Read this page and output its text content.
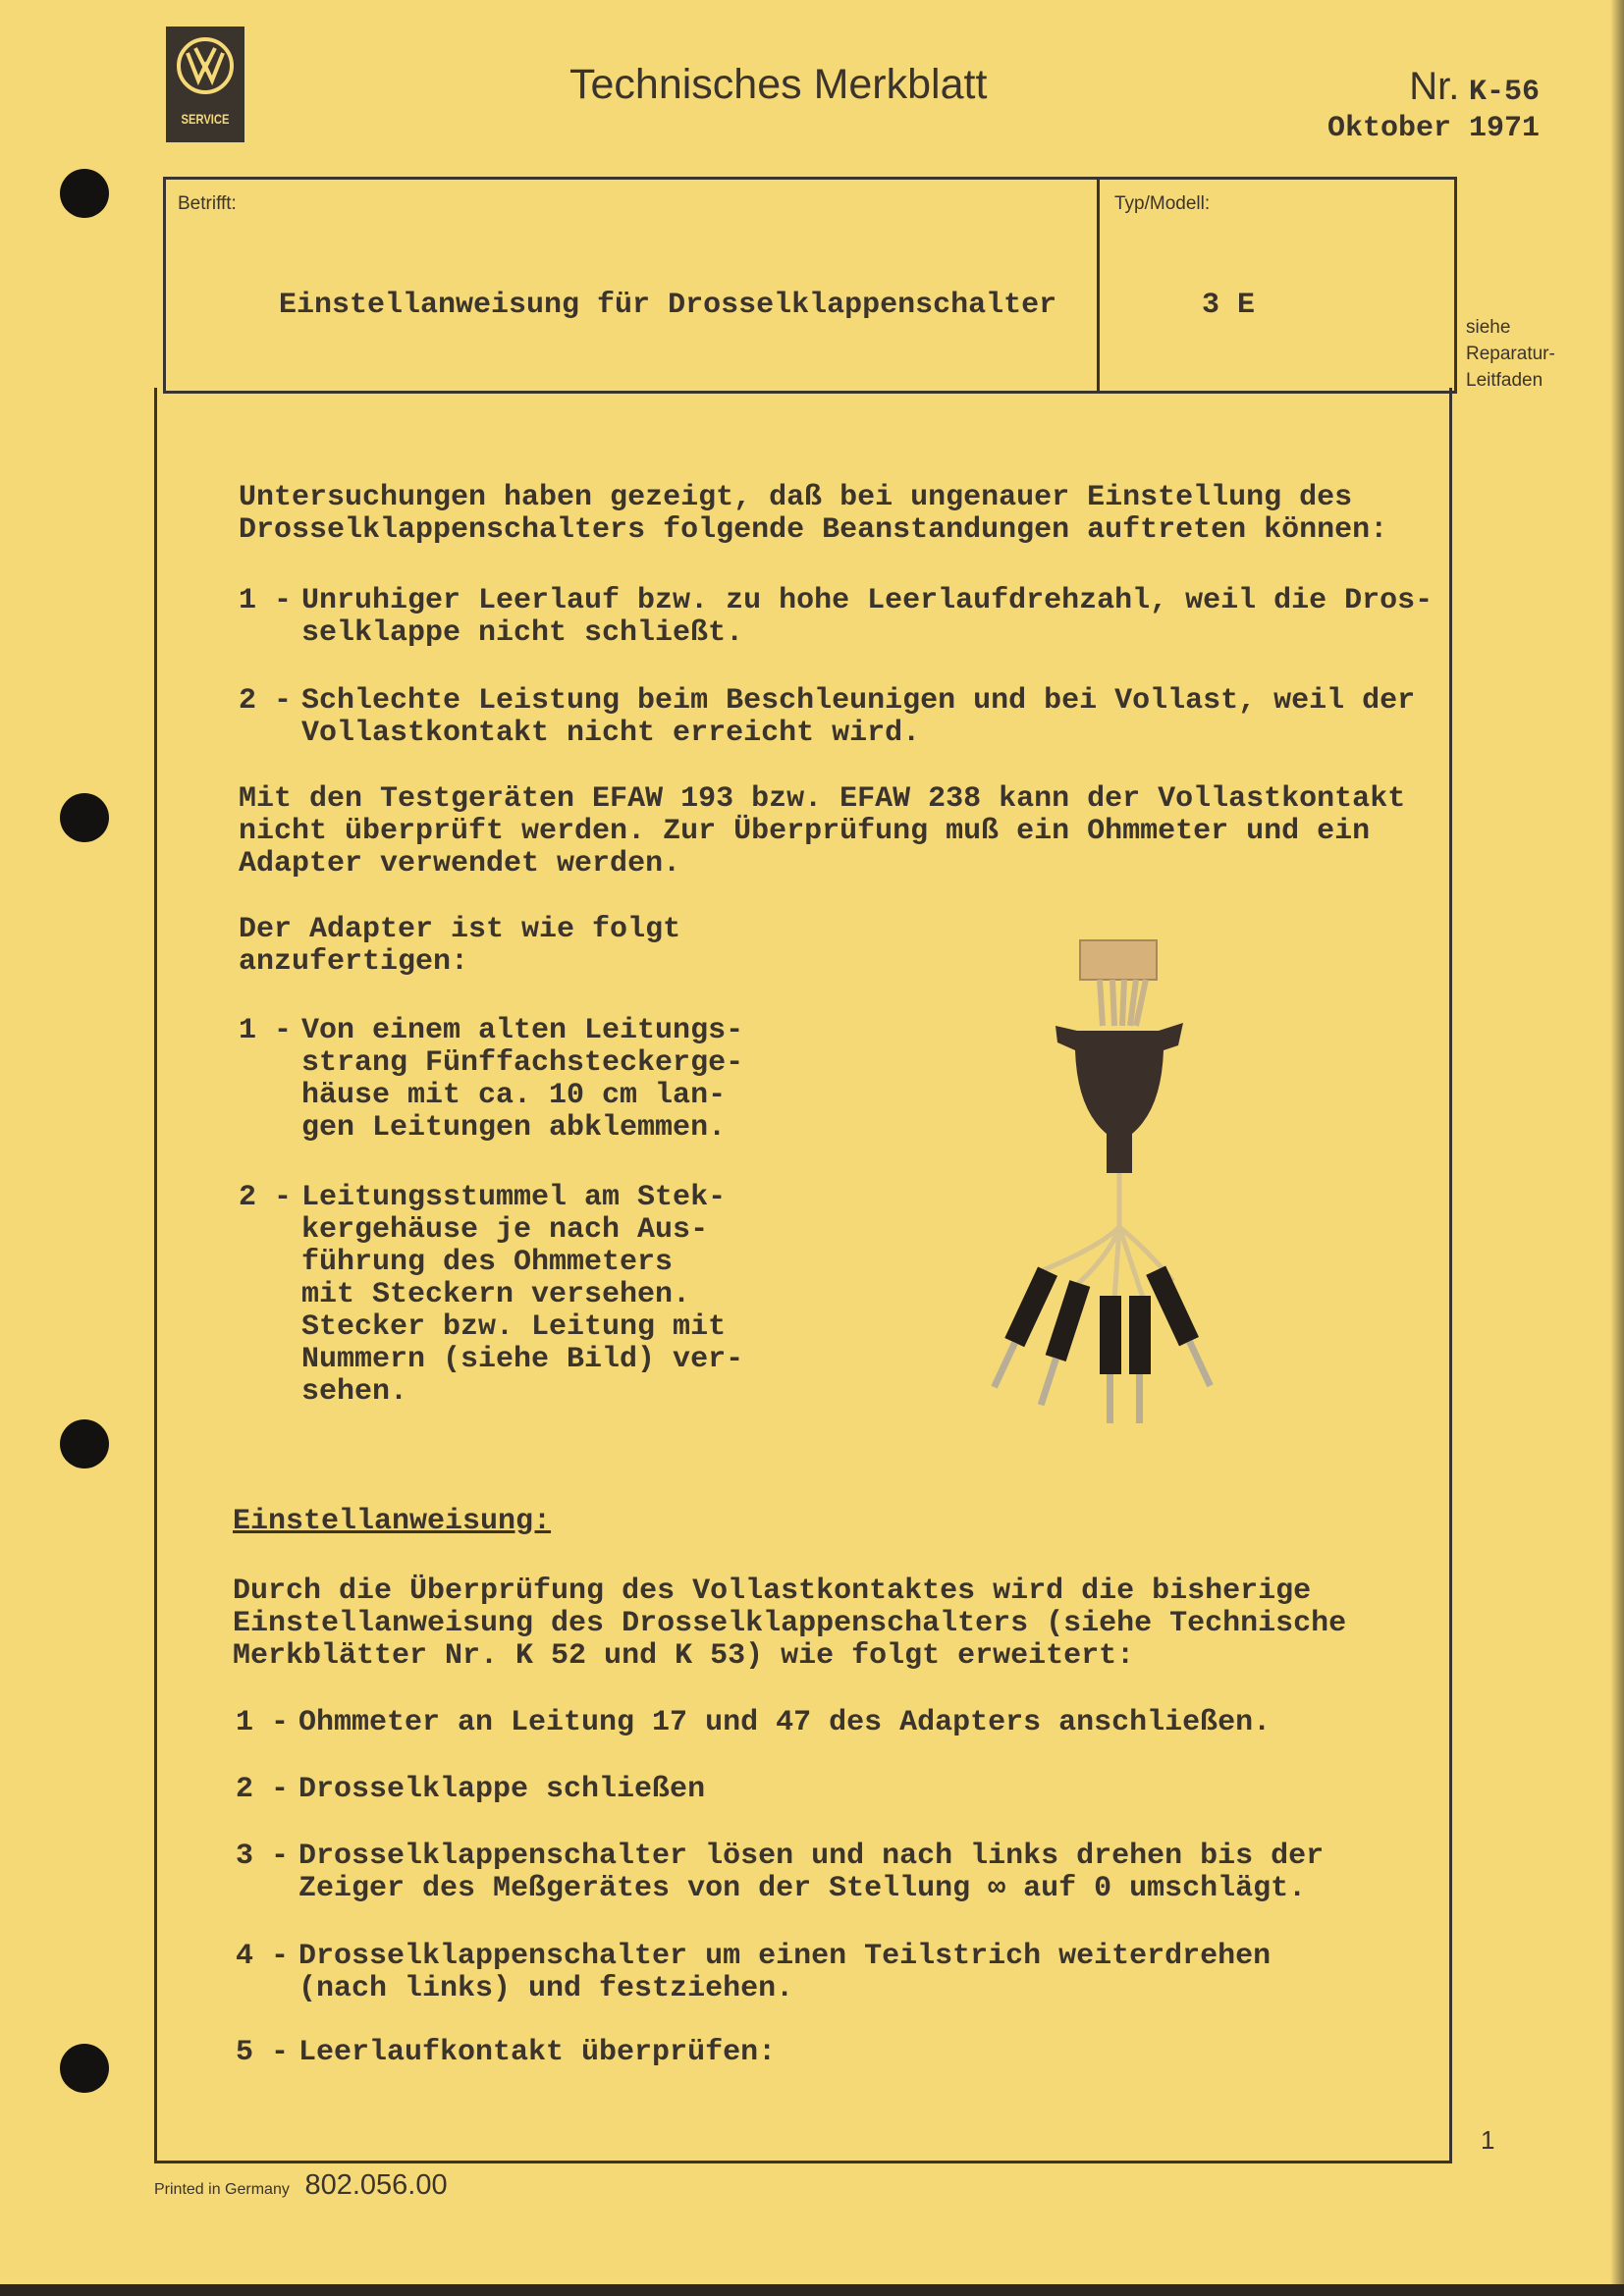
SERVICE
Technisches Merkblatt	Nr. K-56
Oktober 1971
Betrifft:	Typ/Modell:
Einstellanweisung für Drosselklappenschalter	3 E
siehe
Reparatur-
Leitfaden
Untersuchungen haben gezeigt, daß bei ungenauer Einstellung des
Drosselklappenschalters folgende Beanstandungen auftreten können:
1 - Unruhiger Leerlauf bzw. zu hohe Leerlaufdrehzahl, weil die Dros-
selklappe nicht schließt.
2 - Schlechte Leistung beim Beschleunigen und bei Vollast, weil der
Vollastkontakt nicht erreicht wird.
Mit den Testgeräten EFAW 193 bzw. EFAW 238 kann der Vollastkontakt
nicht überprüft werden. Zur Überprüfung muß ein Ohmmeter und ein
Adapter verwendet werden.
Der Adapter ist wie folgt
anzufertigen:
1 - Von einem alten Leitungs-
strang Fünffachsteckerge-
häuse mit ca. 10 cm lan-
gen Leitungen abklemmen.
2 - Leitungsstummel am Stek-
kergehäuse je nach Aus-
führung des Ohmmeters
mit Steckern versehen.
Stecker bzw. Leitung mit
Nummern (siehe Bild) ver-
sehen.
Einstellanweisung:
Durch die Überprüfung des Vollastkontaktes wird die bisherige
Einstellanweisung des Drosselklappenschalters (siehe Technische
Merkblätter Nr. K 52 und K 53) wie folgt erweitert:
1 - Ohmmeter an Leitung 17 und 47 des Adapters anschließen.
2 - Drosselklappe schließen
3 - Drosselklappenschalter lösen und nach links drehen bis der
Zeiger des Meßgerätes von der Stellung ∞ auf 0 umschlägt.
4 - Drosselklappenschalter um einen Teilstrich weiterdrehen
(nach links) und festziehen.
5 - Leerlaufkontakt überprüfen:
1
Printed in Germany 802.056.00
